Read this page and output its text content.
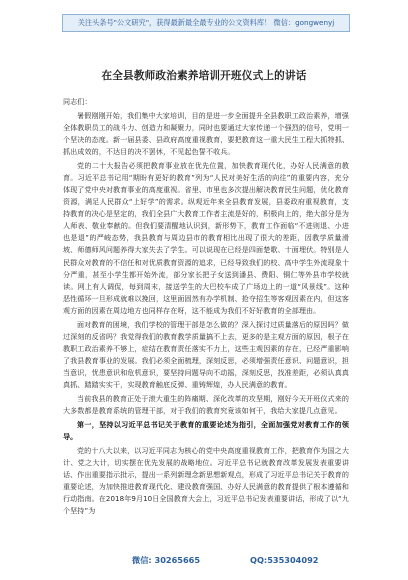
关注头条号"公文研究"，获得最新最全最专业的公文资料库！ 微信：gongwenyj
在全县教师政治素养培训开班仪式上的讲话

同志们：

暑假刚刚开始，我们集中大家培训，目的是进一步全面提升全县教职工政治素养，增强全体教职员工的战斗力、创造力和凝聚力，同时也要通过大家传递一个强烈的信号，党明一个坚决的态度。新一届县委、县政府高度重视教育，要把教育这一重大民生工程大抓特抓、抓出成效的，不达目的决不罢休，不见起色誓不收兵。

党的二十大报告必须把教育事业放在优先位置，加快教育现代化，办好人民满意的教育。习近平总书记用“期盼有更好的教育”列为“人民对美好生活的向往”的重要内容，充分体现了党中央对教育事业的高度重视。省里、市里也多次提出解决教育民生问题，优化教育资源，满足人民群众“上好学”的需求。纵观近年来全县教育发展，县委政府重视教育，支持教育的决心是坚定的，我们全县广大教育工作者主流是好的，积极向上的，绝大部分是为人师表、敬业奉献的。但我们要清醒地认识到，新形势下，教育工作面临“不进则退、小进也是退”的严峻态势，我县教育与周边县市的教育相比出现了很大的差距，因教学质量滑坡、师德师风问题养得大家失去了学生。可以说现在已经是四面楚歌、十面埋伏。特别是人民群众对教育的不信任和对优质教育资源的追求，已经导致我们的校、高中学生外流现象十分严重，甚至小学生都开始外流，部分家长把子女送到潘县、费阳、铜仁等外县市学校就读。网上有人调侃，每到周末，接送学生的大巴校车成了广场边上的一道“风景线”。这种恶性循环一旦形成就难以挽回，这里面固然有办学机制、抢夺招生等客观因素在内，但这客观方面的因素在周边地方也同样存在呀，这不能成为我们不好好教育的全部理由。

面对教育的困境，我们学校的管理干部是怎么做的？深入探讨过质量落后的原因吗？做过深刻的反省吗？我觉得我们的教育教学质量搞不上去，更多的是主观方面的原因，根子在教职工政治素养不够上，症结在教育责任落实不力上，这些主观因素的存在，已经严重影响了我县教育事业的发展。我们必须全面梳理，深刻反思，必须增强责任意识、问题意识，担当意识，忧患意识和危机意识，要坚持问题导向不动摇，深刻反思，找准差距，必须认真真真抓、踏踏实实干，实现教育触底反弹、重铸辉煌，办人民满意的教育。

当前我县的教育正处于滚大重生的阵痛期、深化改革的攻坚期，刚好今天开班仪式来的大多数都是教育系统的管理干部，对于我们的教育究竟该如何干，我给大家提几点意见。

第一，坚持以习近平总书记关于教育的重要论述为指引，全面加强党对教育工作的领导。

党的十八大以来，以习近平同志为核心的党中央高度重视教育工作，把教育作为国之大计、党之大计，切实摆在优先发展的战略地位。习近平总书记就教育改革发展发表重要讲话、作出重要指示批示，提出一系列新理念新思想新观点，形成了习近平总书记关于教育的重要论述，为加快推进教育现代化、建设教育强国、办好人民满意的教育提供了根本遵循和行动指南。在2018年9月10日全国教育大会上，习近平总书记发表重要讲话，形成了以“九个坚持”为

微信: 30265665	QQ:535304092
